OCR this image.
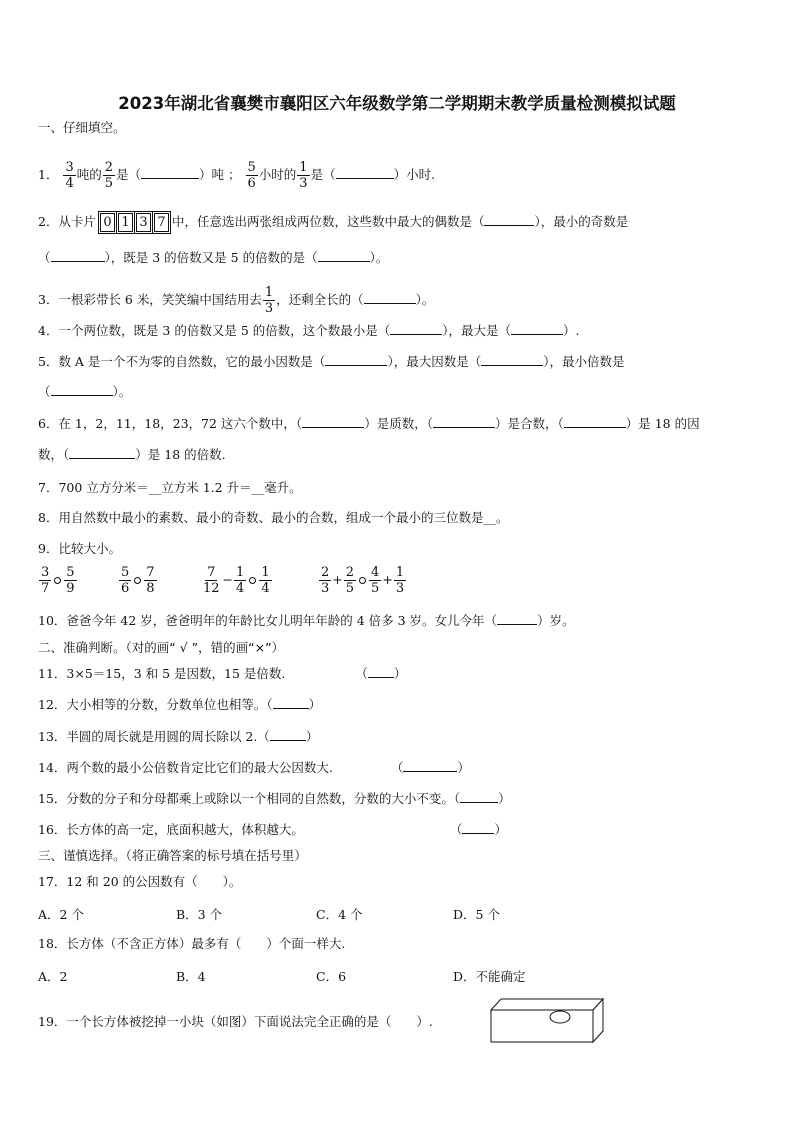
2023年湖北省襄樊市襄阳区六年级数学第二学期期末教学质量检测模拟试题
一、仔细填空。
1． $\frac{3}{4}$ 吨的 $\frac{2}{5}$ 是（	）吨 ； $\frac{5}{6}$ 小时的 $\frac{1}{3}$ 是（	）小时.
2．从卡片 0 1 3 7 中，任意选出两张组成两位数，这些数中最大的偶数是（	），最小的奇数是
（	），既是 3 的倍数又是 5 的倍数的是（	）。
3．一根彩带长 6 米，笑笑编中国结用去 $\frac{1}{3}$ ，还剩全长的（	）。
4．一个两位数，既是 3 的倍数又是 5 的倍数，这个数最小是（	），最大是（	）.
5．数 A 是一个不为零的自然数，它的最小因数是（	），最大因数是（	），最小倍数是
（	）。
6．在 1，2，11，18，23，72 这六个数中，（	）是质数，（	）是合数，（	）是 18 的因
数，（	）是 18 的倍数.
7．700 立方分米＝__立方米 1.2 升＝__毫升。
8．用自然数中最小的素数、最小的奇数、最小的合数，组成一个最小的三位数是__。
9．比较大小。
$\frac{3}{7} \frac{5}{9}$	$\frac{5}{6} \frac{7}{8}$	$\frac{7}{12} - \frac{1}{4} \frac{1}{4}$	$\frac{2}{3} + \frac{2}{5} \frac{4}{5} + \frac{1}{3}$
10．爸爸今年 42 岁，爸爸明年的年龄比女儿明年年龄的 4 倍多 3 岁。女儿今年（	）岁。
二、准确判断。（对的画“ √ ”，错的画“×”）
11．3×5＝15，3 和 5 是因数，15 是倍数.	（ ）
12．大小相等的分数，分数单位也相等。（	）
13．半圆的周长就是用圆的周长除以 2.（	）
14．两个数的最小公倍数肯定比它们的最大公因数大.	（	）
15．分数的分子和分母都乘上或除以一个相同的自然数，分数的大小不变。（	）
16．长方体的高一定，底面积越大，体积越大。	（	）
三、谨慎选择。（将正确答案的标号填在括号里）
17．12 和 20 的公因数有（　　）。
A．2 个	B．3 个	C．4 个	D．5 个
18．长方体（不含正方体）最多有（　　）个面一样大.
A．2	B．4	C．6	D．不能确定
19．一个长方体被挖掉一小块（如图）下面说法完全正确的是（　　）.
